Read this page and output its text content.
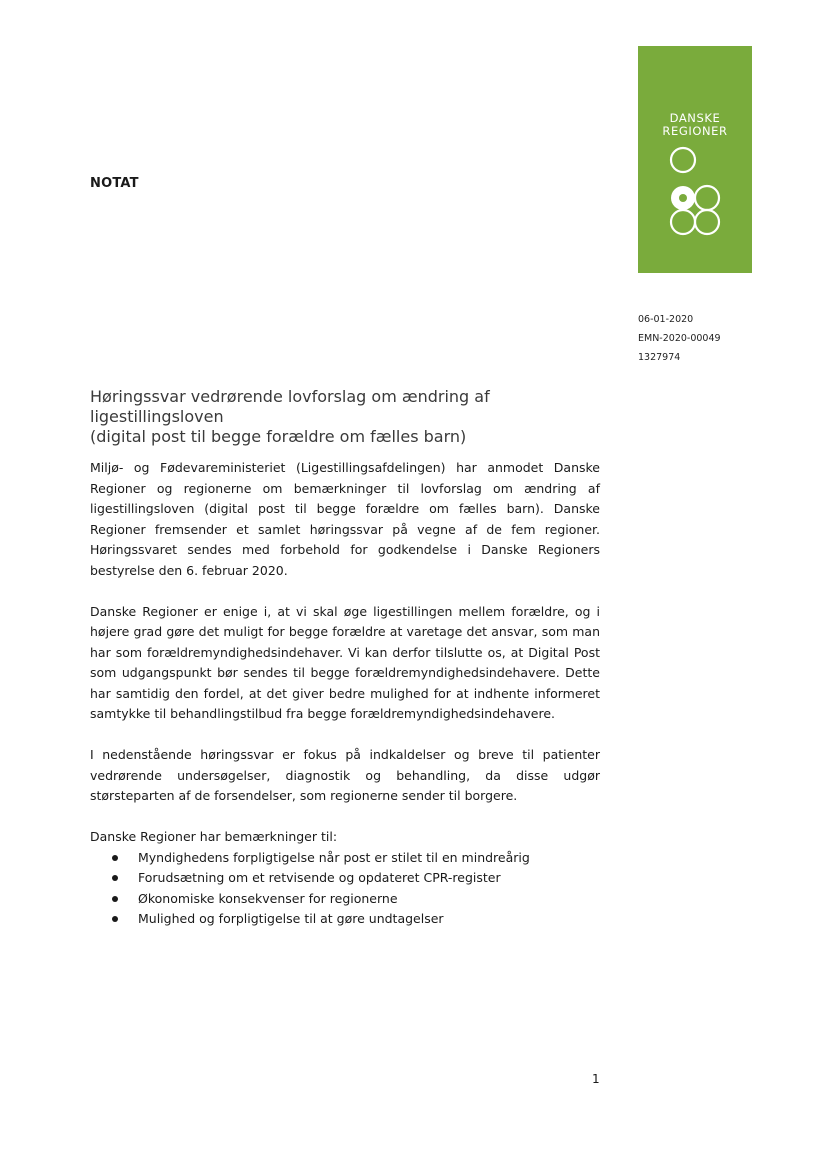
NOTAT
DANSKE
REGIONER
06-01-2020
EMN-2020-00049
1327974
Høringssvar vedrørende lovforslag om ændring af ligestillingsloven
(digital post til begge forældre om fælles barn)

Miljø- og Fødevareministeriet (Ligestillingsafdelingen) har anmodet Danske Regioner og regionerne om bemærkninger til lovforslag om ændring af ligestillingsloven (digital post til begge forældre om fælles barn). Danske Regioner fremsender et samlet høringssvar på vegne af de fem regioner. Høringssvaret sendes med forbehold for godkendelse i Danske Regioners bestyrelse den 6. februar 2020.

Danske Regioner er enige i, at vi skal øge ligestillingen mellem forældre, og i højere grad gøre det muligt for begge forældre at varetage det ansvar, som man har som forældremyndighedsindehaver. Vi kan derfor tilslutte os, at Digital Post som udgangspunkt bør sendes til begge forældremyndighedsindehavere. Dette har samtidig den fordel, at det giver bedre mulighed for at indhente informeret samtykke til behandlingstilbud fra begge forældremyndighedsindehavere.

I nedenstående høringssvar er fokus på indkaldelser og breve til patienter vedrørende undersøgelser, diagnostik og behandling, da disse udgør størsteparten af de forsendelser, som regionerne sender til borgere.

Danske Regioner har bemærkninger til:
Myndighedens forpligtigelse når post er stilet til en mindreårig
Forudsætning om et retvisende og opdateret CPR-register
Økonomiske konsekvenser for regionerne
Mulighed og forpligtigelse til at gøre undtagelser
1
